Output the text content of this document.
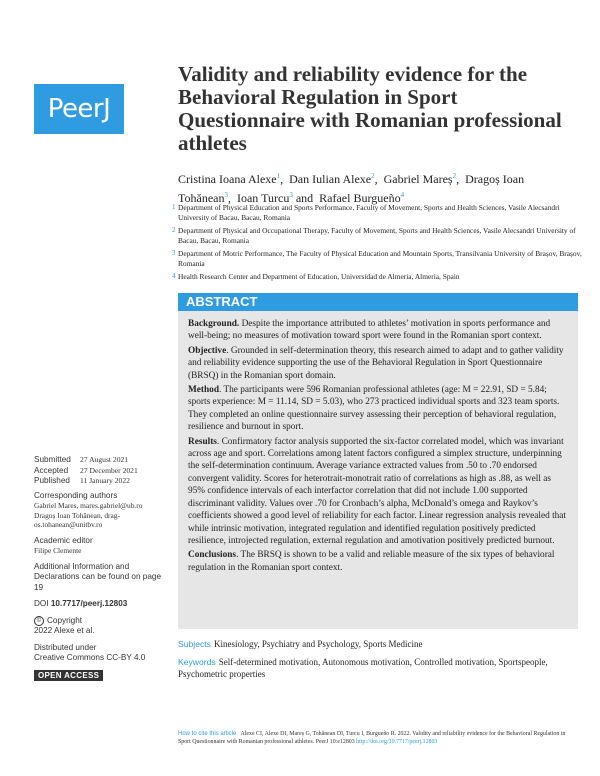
PeerJ
Validity and reliability evidence for the Behavioral Regulation in Sport Questionnaire with Romanian professional athletes
Cristina Ioana Alexe$^1$,  Dan Iulian Alexe$^2$,  Gabriel Mareș$^2$,  Dragoș Ioan Tohănean$^3$,  Ioan Turcu$^3$ and  Rafael Burgueño$^4$
1 Department of Physical Education and Sports Performance, Faculty of Movement, Sports and Health Sciences, Vasile Alecsandri University of Bacau, Bacau, Romania
2 Department of Physical and Occupational Therapy, Faculty of Movement, Sports and Health Sciences, Vasile Alecsandri University of Bacau, Bacau, Romania
3 Department of Motric Performance, The Faculty of Physical Education and Mountain Sports, Transilvania University of Brașov, Brașov, Romania
4 Health Research Center and Department of Education, Universidad de Almeria, Almeria, Spain
ABSTRACT

Background. Despite the importance attributed to athletes’ motivation in sports performance and well-being; no measures of motivation toward sport were found in the Romanian sport context.

Objective. Grounded in self-determination theory, this research aimed to adapt and to gather validity and reliability evidence supporting the use of the Behavioral Regulation in Sport Questionnaire (BRSQ) in the Romanian sport domain.

Method. The participants were 596 Romanian professional athletes (age: M = 22.91, SD = 5.84; sports experience: M = 11.14, SD = 5.03), who 273 practiced individual sports and 323 team sports. They completed an online questionnaire survey assessing their perception of behavioral regulation, resilience and burnout in sport.

Results. Confirmatory factor analysis supported the six-factor correlated model, which was invariant across age and sport. Correlations among latent factors configured a simplex structure, underpinning the self-determination continuum. Average variance extracted values from .50 to .70 endorsed convergent validity. Scores for heterotrait-monotrait ratio of correlations as high as .88, as well as 95% confidence intervals of each interfactor correlation that did not include 1.00 supported discriminant validity. Values over .70 for Cronbach’s alpha, McDonald’s omega and Raykov’s coefficients showed a good level of reliability for each factor. Linear regression analysis revealed that while intrinsic motivation, integrated regulation and identified regulation positively predicted resilience, introjected regulation, external regulation and amotivation positively predicted burnout.

Conclusions. The BRSQ is shown to be a valid and reliable measure of the six types of behavioral regulation in the Romanian sport context.

Submitted 27 August 2021
Accepted 27 December 2021
Published 11 January 2022
Corresponding authors
Gabriel Mares, mares.gabriel@ub.ro
Dragoș Ioan Tohănean, drag-os.tohanean@unitbv.ro
Academic editor
Filipe Clemente
Additional Information and Declarations can be found on page 19
DOI 10.7717/peerj.12803
© Copyright
2022 Alexe et al.
Distributed under
Creative Commons CC-BY 4.0
OPEN ACCESS
Subjects Kinesiology, Psychiatry and Psychology, Sports Medicine
Keywords Self-determined motivation, Autonomous motivation, Controlled motivation, Sportspeople, Psychometric properties
How to cite this article Alexe CI, Alexe DI, Mareș G, Tohănean DI, Turcu I, Burgueño R. 2022. Validity and reliability evidence for the Behavioral Regulation in Sport Questionnaire with Romanian professional athletes. PeerJ 10:e12803 http://doi.org/10.7717/peerj.12803
